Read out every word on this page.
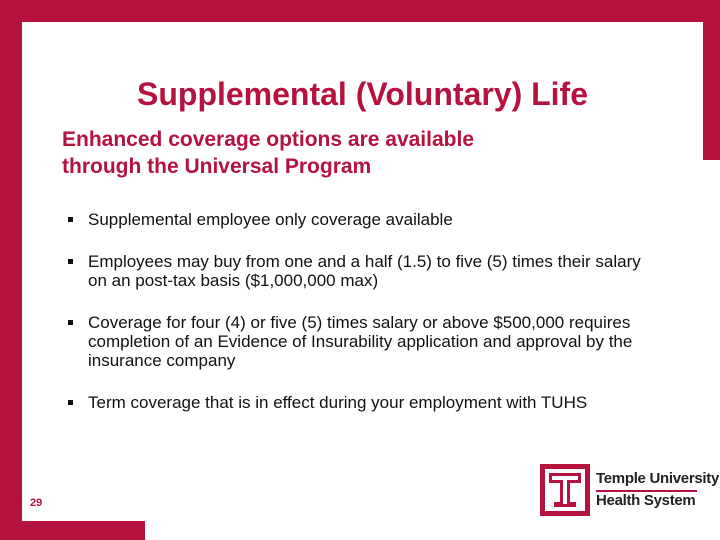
Supplemental (Voluntary) Life
Enhanced coverage options are available
through the Universal Program
Supplemental employee only coverage available
Employees may buy from one and a half (1.5) to five (5) times their salary on an post-tax basis ($1,000,000 max)
Coverage for four (4) or five (5) times salary or above $500,000 requires completion of an Evidence of Insurability application and approval by the insurance company
Term coverage that is in effect during your employment with TUHS
29
Temple University
Health System
